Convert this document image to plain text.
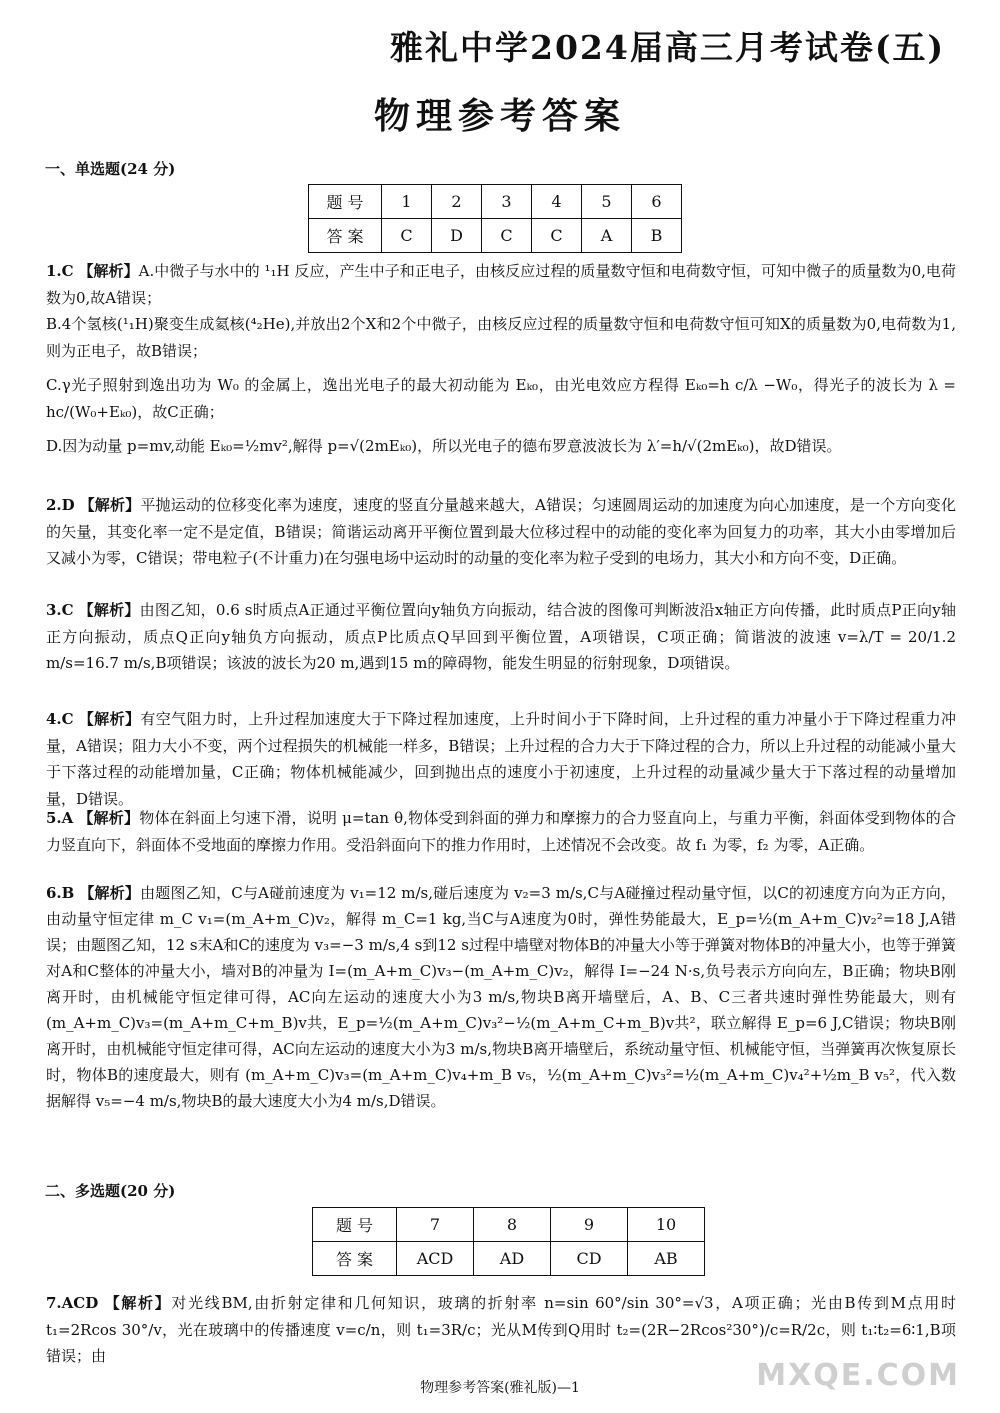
雅礼中学2024届高三月考试卷(五)
物理参考答案
一、单选题(24 分)
题 号	1	2	3	4	5	6
答 案	C	D	C	C	A	B

1.C 【解析】A.中微子与水中的 ¹₁H 反应，产生中子和正电子，由核反应过程的质量数守恒和电荷数守恒，可知中微子的质量数为0,电荷数为0,故A错误；

B.4个氢核(¹₁H)聚变生成氦核(⁴₂He),并放出2个X和2个中微子，由核反应过程的质量数守恒和电荷数守恒可知X的质量数为0,电荷数为1,则为正电子，故B错误；

C.γ光子照射到逸出功为 W₀ 的金属上，逸出光电子的最大初动能为 Eₖ₀，由光电效应方程得 Eₖ₀=h c/λ −W₀，得光子的波长为 λ = hc/(W₀+Eₖ₀)，故C正确；

D.因为动量 p=mv,动能 Eₖ₀=½mv²,解得 p=√(2mEₖ₀)，所以光电子的德布罗意波波长为 λ′=h/√(2mEₖ₀)，故D错误。

2.D 【解析】平抛运动的位移变化率为速度，速度的竖直分量越来越大，A错误；匀速圆周运动的加速度为向心加速度，是一个方向变化的矢量，其变化率一定不是定值，B错误；简谐运动离开平衡位置到最大位移过程中的动能的变化率为回复力的功率，其大小由零增加后又减小为零，C错误；带电粒子(不计重力)在匀强电场中运动时的动量的变化率为粒子受到的电场力，其大小和方向不变，D正确。

3.C 【解析】由图乙知，0.6 s时质点A正通过平衡位置向y轴负方向振动，结合波的图像可判断波沿x轴正方向传播，此时质点P正向y轴正方向振动，质点Q正向y轴负方向振动，质点P比质点Q早回到平衡位置，A项错误，C项正确；简谐波的波速 v=λ/T = 20/1.2 m/s=16.7 m/s,B项错误；该波的波长为20 m,遇到15 m的障碍物，能发生明显的衍射现象，D项错误。

4.C 【解析】有空气阻力时，上升过程加速度大于下降过程加速度，上升时间小于下降时间，上升过程的重力冲量小于下降过程重力冲量，A错误；阻力大小不变，两个过程损失的机械能一样多，B错误；上升过程的合力大于下降过程的合力，所以上升过程的动能减小量大于下落过程的动能增加量，C正确；物体机械能减少，回到抛出点的速度小于初速度，上升过程的动量减少量大于下落过程的动量增加量，D错误。

5.A 【解析】物体在斜面上匀速下滑，说明 μ=tan θ,物体受到斜面的弹力和摩擦力的合力竖直向上，与重力平衡，斜面体受到物体的合力竖直向下，斜面体不受地面的摩擦力作用。受沿斜面向下的推力作用时，上述情况不会改变。故 f₁ 为零，f₂ 为零，A正确。

6.B 【解析】由题图乙知，C与A碰前速度为 v₁=12 m/s,碰后速度为 v₂=3 m/s,C与A碰撞过程动量守恒，以C的初速度方向为正方向，由动量守恒定律 m_C v₁=(m_A+m_C)v₂，解得 m_C=1 kg,当C与A速度为0时，弹性势能最大，E_p=½(m_A+m_C)v₂²=18 J,A错误；由题图乙知，12 s末A和C的速度为 v₃=−3 m/s,4 s到12 s过程中墙壁对物体B的冲量大小等于弹簧对物体B的冲量大小，也等于弹簧对A和C整体的冲量大小，墙对B的冲量为 I=(m_A+m_C)v₃−(m_A+m_C)v₂，解得 I=−24 N·s,负号表示方向向左，B正确；物块B刚离开时，由机械能守恒定律可得，AC向左运动的速度大小为3 m/s,物块B离开墙壁后，A、B、C三者共速时弹性势能最大，则有 (m_A+m_C)v₃=(m_A+m_C+m_B)v共，E_p=½(m_A+m_C)v₃²−½(m_A+m_C+m_B)v共²，联立解得 E_p=6 J,C错误；物块B刚离开时，由机械能守恒定律可得，AC向左运动的速度大小为3 m/s,物块B离开墙壁后，系统动量守恒、机械能守恒，当弹簧再次恢复原长时，物体B的速度最大，则有 (m_A+m_C)v₃=(m_A+m_C)v₄+m_B v₅，½(m_A+m_C)v₃²=½(m_A+m_C)v₄²+½m_B v₅²，代入数据解得 v₅=−4 m/s,物块B的最大速度大小为4 m/s,D错误。

二、多选题(20 分)
题 号	7	8	9	10
答 案	ACD	AD	CD	AB

7.ACD 【解析】对光线BM,由折射定律和几何知识，玻璃的折射率 n=sin 60°/sin 30°=√3，A项正确；光由B传到M点用时 t₁=2Rcos 30°/v，光在玻璃中的传播速度 v=c/n，则 t₁=3R/c；光从M传到Q用时 t₂=(2R−2Rcos²30°)/c=R/2c，则 t₁∶t₂=6∶1,B项错误；由

物理参考答案(雅礼版)—1	MXQE.COM
